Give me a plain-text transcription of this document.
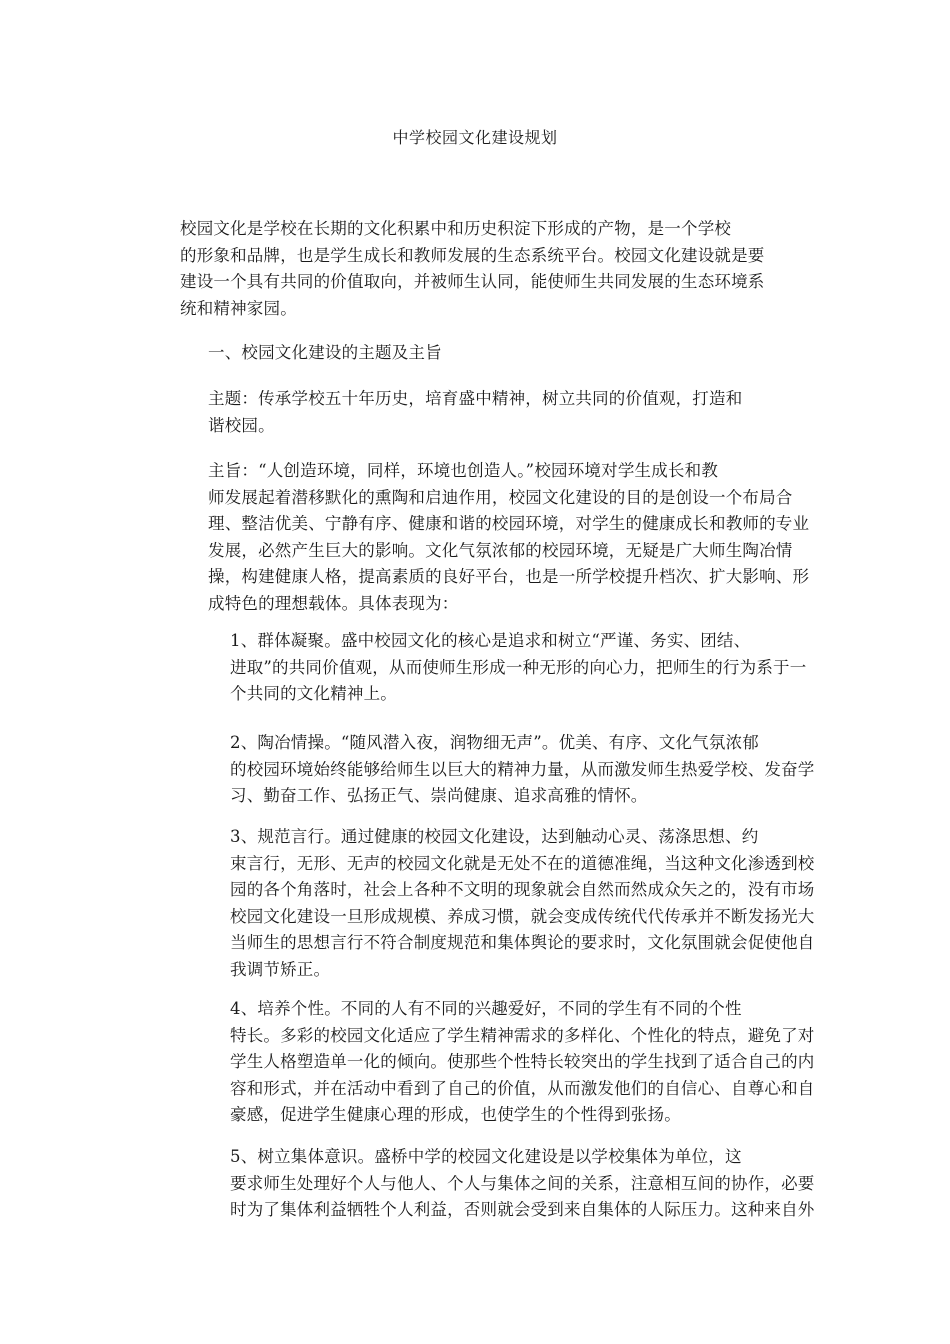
中学校园文化建设规划

校园文化是学校在长期的文化积累中和历史积淀下形成的产物，是一个学校
的形象和品牌，也是学生成长和教师发展的生态系统平台。校园文化建设就是要
建设一个具有共同的价值取向，并被师生认同，能使师生共同发展的生态环境系
统和精神家园。

一、校园文化建设的主题及主旨

主题：传承学校五十年历史，培育盛中精神，树立共同的价值观，打造和
谐校园。

主旨：“人创造环境，同样，环境也创造人。”校园环境对学生成长和教
师发展起着潜移默化的熏陶和启迪作用，校园文化建设的目的是创设一个布局合
理、整洁优美、宁静有序、健康和谐的校园环境，对学生的健康成长和教师的专业
发展，必然产生巨大的影响。文化气氛浓郁的校园环境，无疑是广大师生陶冶情
操，构建健康人格，提高素质的良好平台，也是一所学校提升档次、扩大影响、形
成特色的理想载体。具体表现为：

1、群体凝聚。盛中校园文化的核心是追求和树立“严谨、务实、团结、
进取”的共同价值观，从而使师生形成一种无形的向心力，把师生的行为系于一
个共同的文化精神上。

2、陶冶情操。“随风潜入夜，润物细无声”。优美、有序、文化气氛浓郁
的校园环境始终能够给师生以巨大的精神力量，从而激发师生热爱学校、发奋学
习、勤奋工作、弘扬正气、崇尚健康、追求高雅的情怀。

3、规范言行。通过健康的校园文化建设，达到触动心灵、荡涤思想、约
束言行，无形、无声的校园文化就是无处不在的道德准绳，当这种文化渗透到校
园的各个角落时，社会上各种不文明的现象就会自然而然成众矢之的，没有市场
校园文化建设一旦形成规模、养成习惯，就会变成传统代代传承并不断发扬光大
当师生的思想言行不符合制度规范和集体舆论的要求时，文化氛围就会促使他自
我调节矫正。

4、培养个性。不同的人有不同的兴趣爱好，不同的学生有不同的个性
特长。多彩的校园文化适应了学生精神需求的多样化、个性化的特点，避免了对
学生人格塑造单一化的倾向。使那些个性特长较突出的学生找到了适合自己的内
容和形式，并在活动中看到了自己的价值，从而激发他们的自信心、自尊心和自
豪感，促进学生健康心理的形成，也使学生的个性得到张扬。

5、树立集体意识。盛桥中学的校园文化建设是以学校集体为单位，这
要求师生处理好个人与他人、个人与集体之间的关系，注意相互间的协作，必要
时为了集体利益牺牲个人利益，否则就会受到来自集体的人际压力。这种来自外
